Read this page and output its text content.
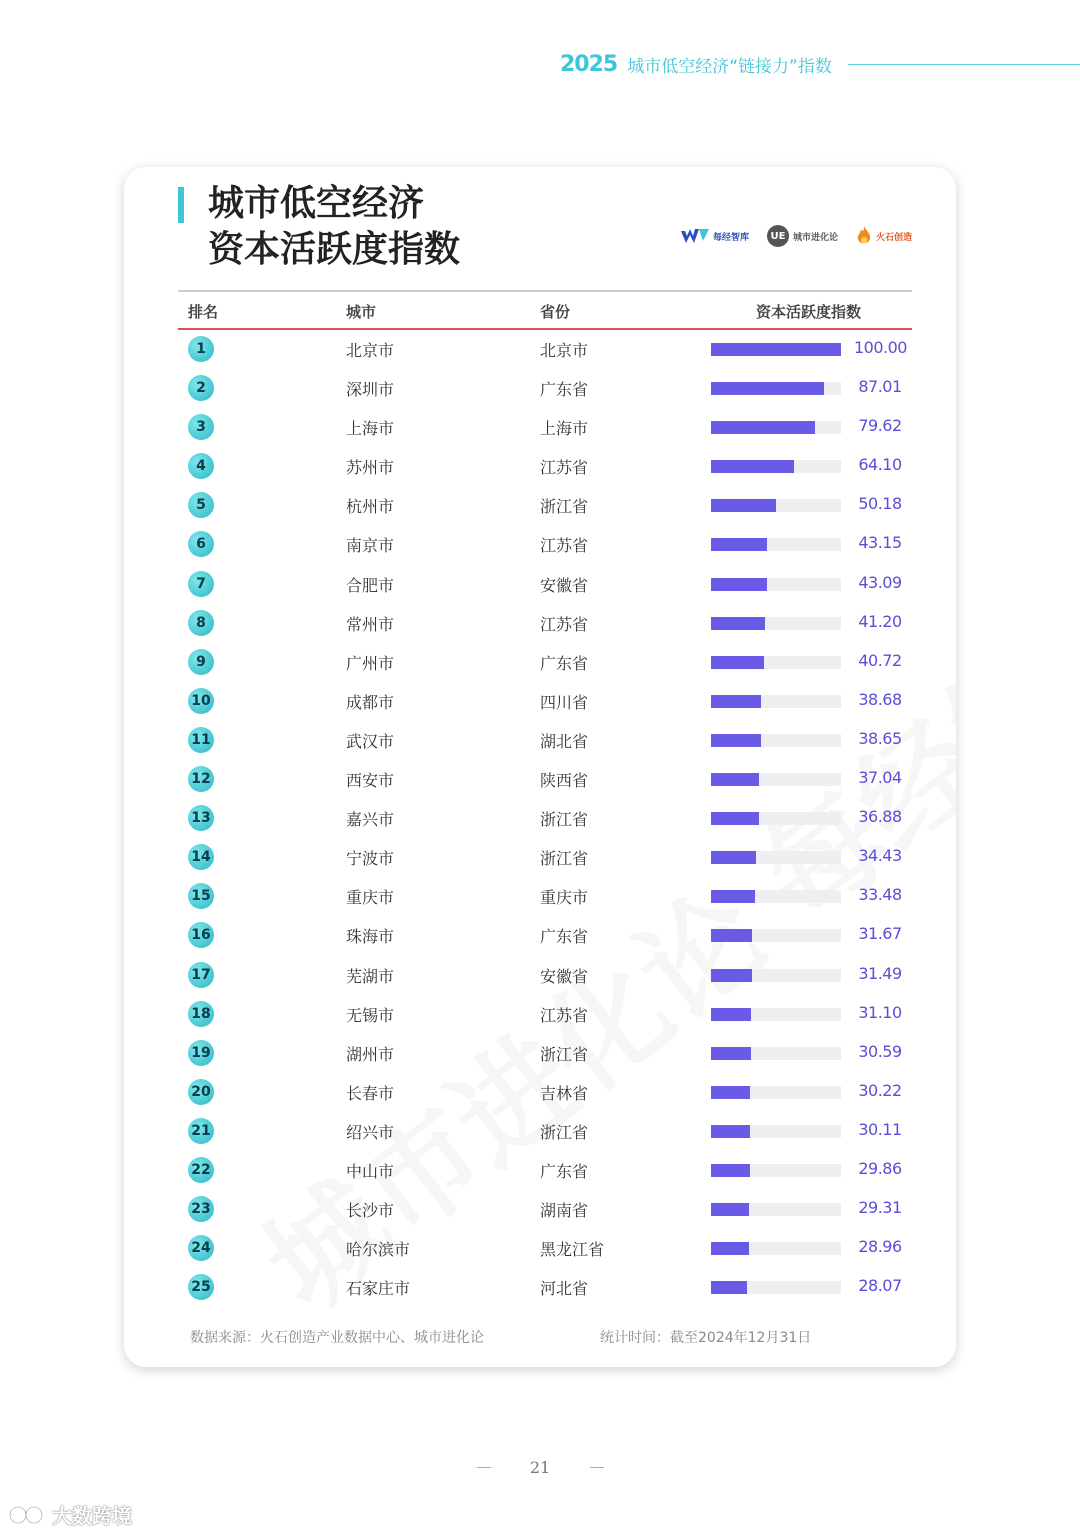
2025 城市低空经济“链接力”指数
城市低空经济
资本活跃度指数	每经智库	UE 城市进化论	火石创造
排名	城市	省份	资本活跃度指数
1	北京市	北京市	100.00
2	深圳市	广东省	87.01
3	上海市	上海市	79.62
4	苏州市	江苏省	64.10
5	杭州市	浙江省	50.18
6	南京市	江苏省	43.15
7	合肥市	安徽省	43.09
8	常州市	江苏省	41.20
9	广州市	广东省	40.72
10	成都市	四川省	38.68
11	武汉市	湖北省	38.65
12	西安市	陕西省	37.04
13	嘉兴市	浙江省	36.88
14	宁波市	浙江省	34.43
15	重庆市	重庆市	33.48
16	珠海市	广东省	31.67
17	芜湖市	安徽省	31.49
18	无锡市	江苏省	31.10
19	湖州市	浙江省	30.59
20	长春市	吉林省	30.22
21	绍兴市	浙江省	30.11
22	中山市	广东省	29.86
23	长沙市	湖南省	29.31
24	哈尔滨市	黑龙江省	28.96
25	石家庄市	河北省	28.07
数据来源：火石创造产业数据中心、城市进化论	统计时间：截至2024年12月31日
21
大数跨境
